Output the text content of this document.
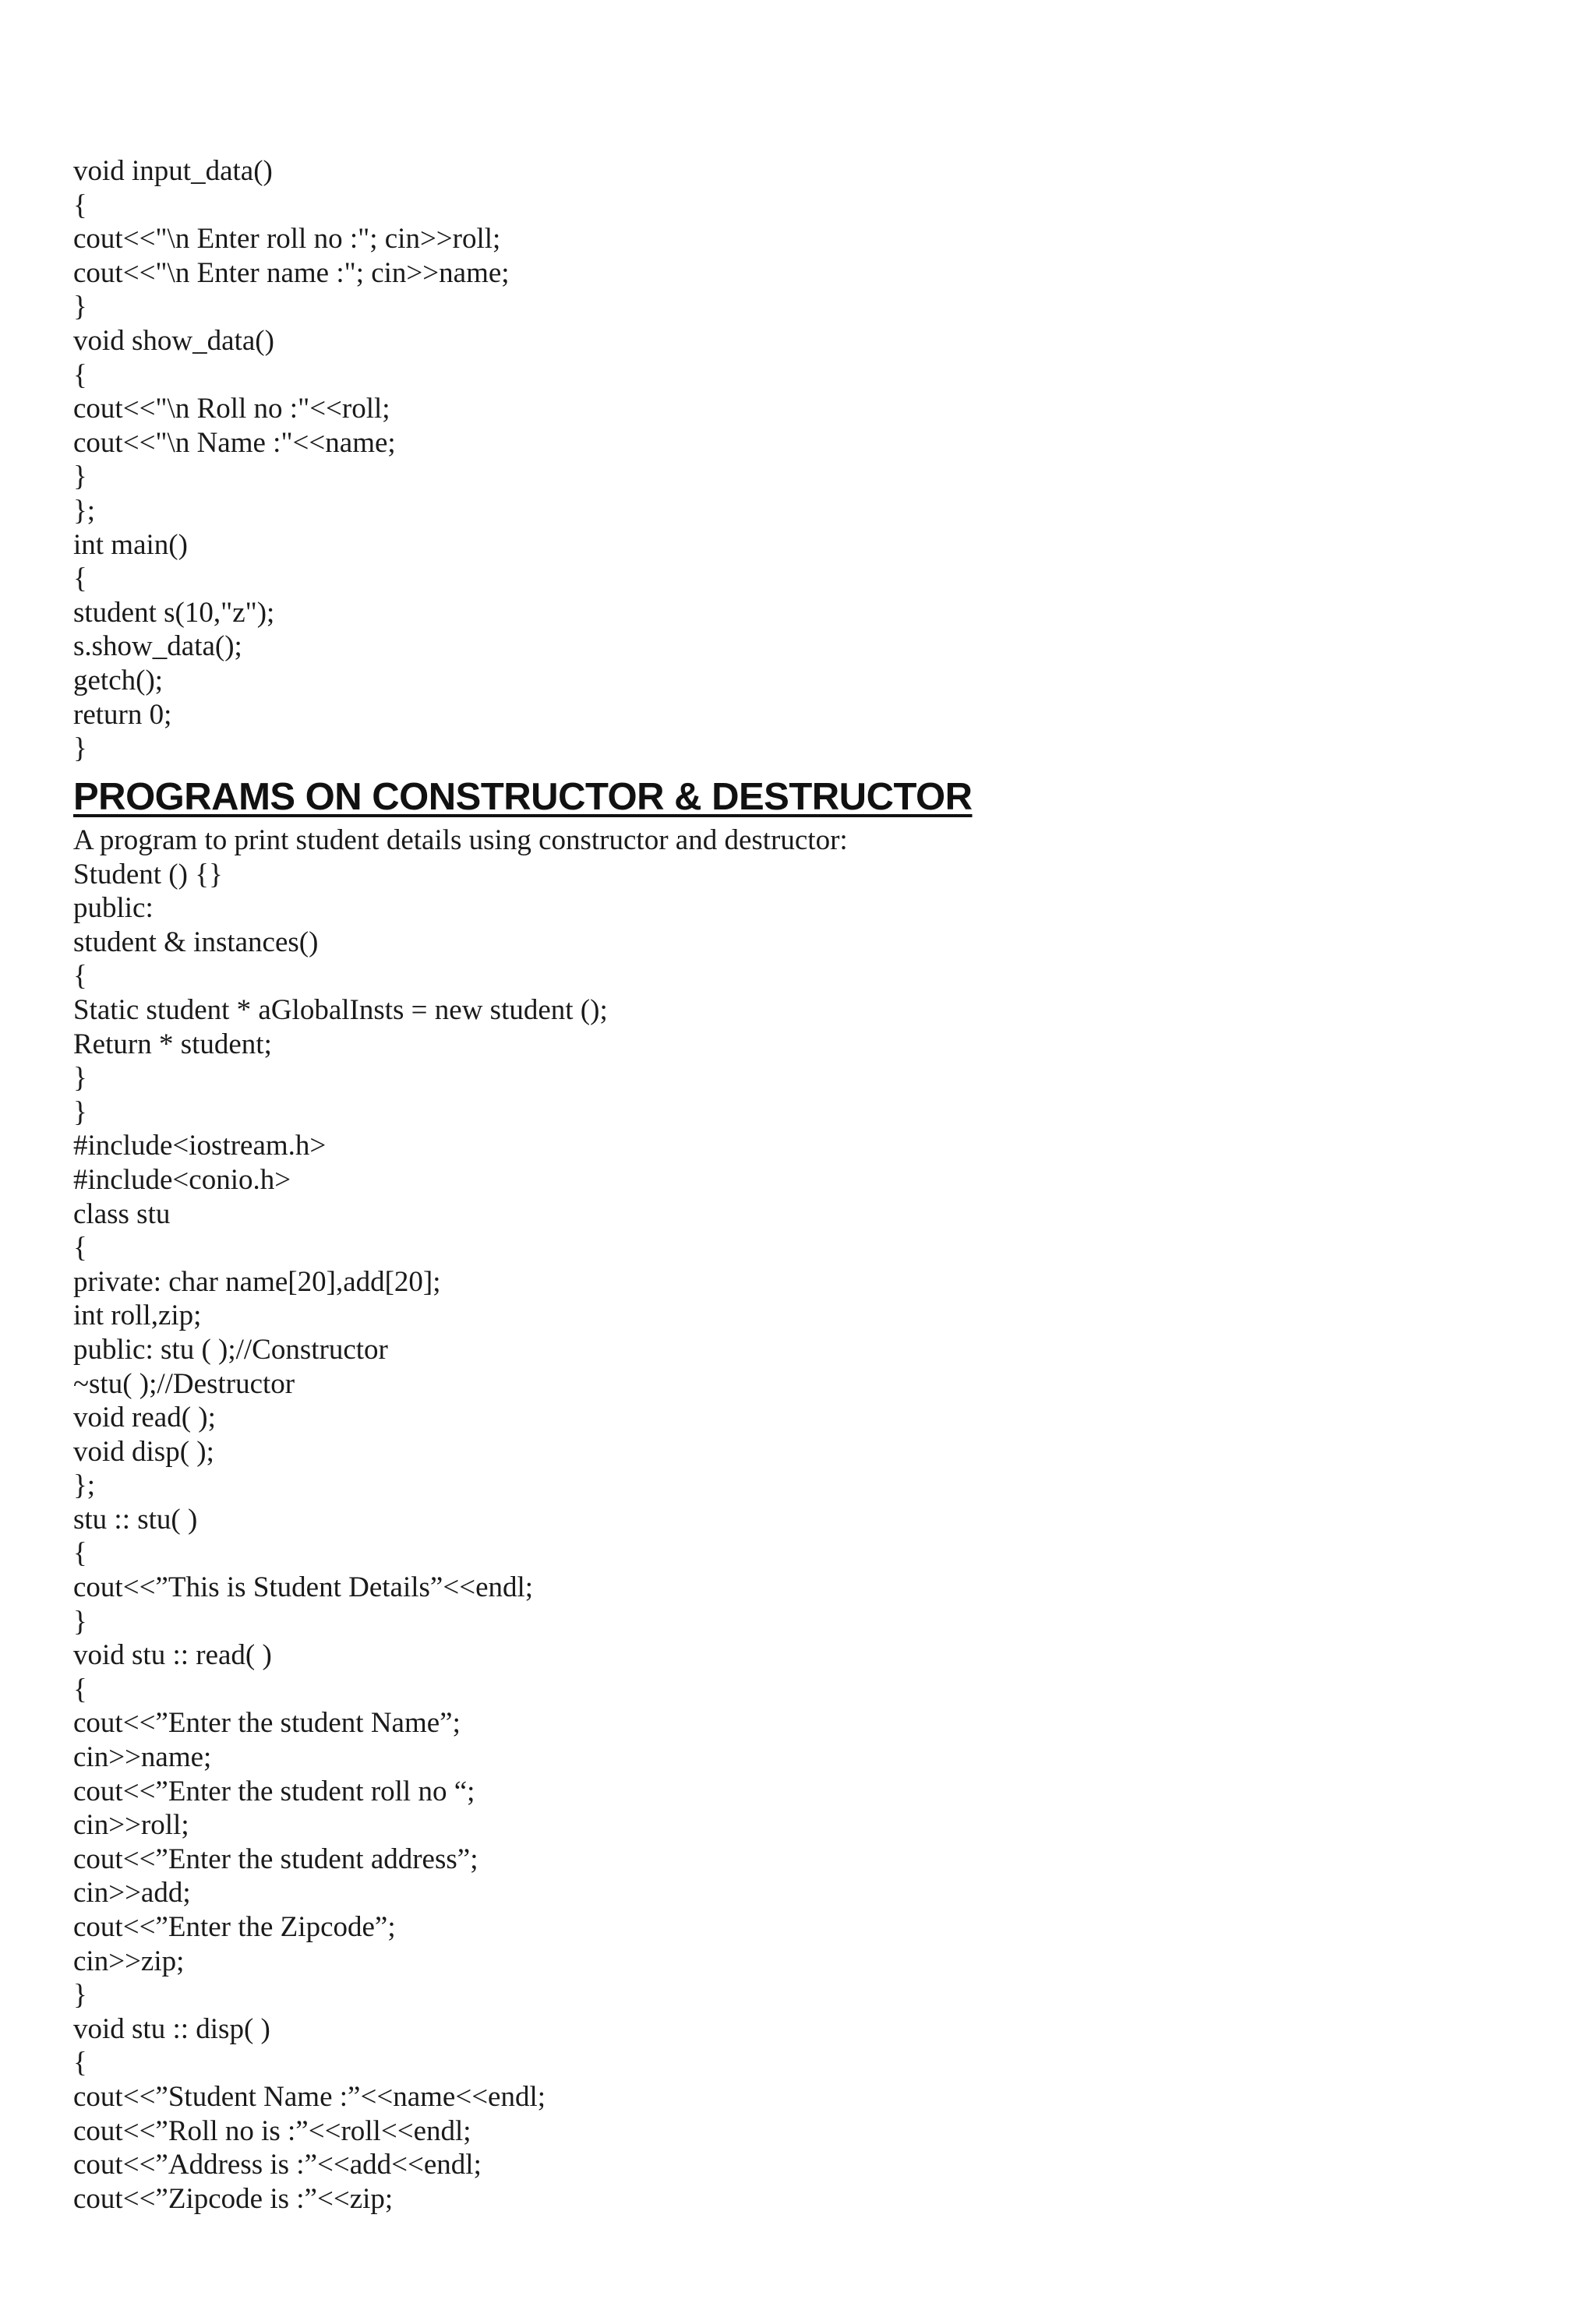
void input_data()

{

cout<<"\n Enter roll no :"; cin>>roll;

cout<<"\n Enter name :"; cin>>name;

}

void show_data()

{

cout<<"\n Roll no :"<<roll;

cout<<"\n Name :"<<name;

}

};

int main()

{

student s(10,"z");

s.show_data();

getch();

return 0;

}

PROGRAMS ON CONSTRUCTOR & DESTRUCTOR

A program to print student details using constructor and destructor:

Student () {}

public:

student & instances()

{

Static student * aGlobalInsts = new student ();

Return * student;

}

}

#include<iostream.h>

#include<conio.h>

class stu

{

private: char name[20],add[20];

int roll,zip;

public: stu ( );//Constructor

~stu( );//Destructor

void read( );

void disp( );

};

stu :: stu( )

{

cout<<”This is Student Details”<<endl;

}

void stu :: read( )

{

cout<<”Enter the student Name”;

cin>>name;

cout<<”Enter the student roll no “;

cin>>roll;

cout<<”Enter the student address”;

cin>>add;

cout<<”Enter the Zipcode”;

cin>>zip;

}

void stu :: disp( )

{

cout<<”Student Name :”<<name<<endl;

cout<<”Roll no is :”<<roll<<endl;

cout<<”Address is :”<<add<<endl;

cout<<”Zipcode is :”<<zip;
